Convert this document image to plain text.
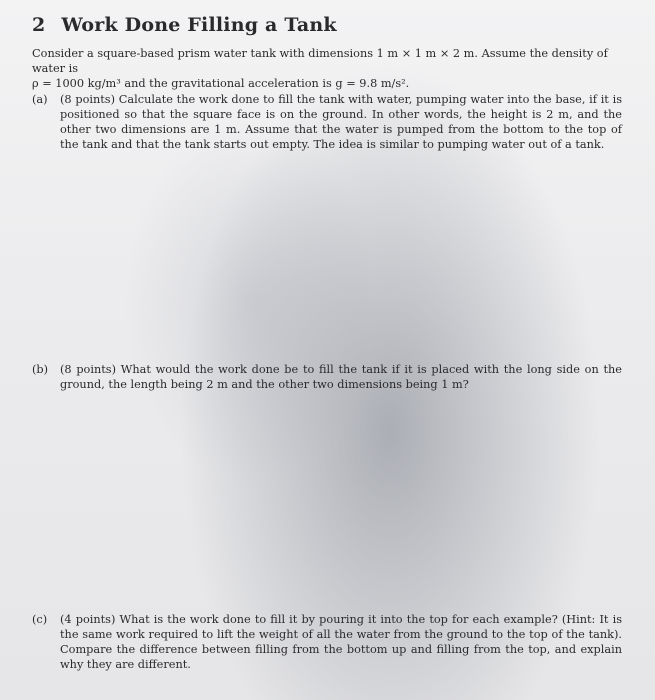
2 Work Done Filling a Tank
Consider a square-based prism water tank with dimensions 1 m × 1 m × 2 m. Assume the density of water is
ρ = 1000 kg/m³ and the gravitational acceleration is g = 9.8 m/s².
(a) (8 points) Calculate the work done to fill the tank with water, pumping water into the base, if it is positioned so that the square face is on the ground. In other words, the height is 2 m, and the other two dimensions are 1 m. Assume that the water is pumped from the bottom to the top of the tank and that the tank starts out empty. The idea is similar to pumping water out of a tank.
(b) (8 points) What would the work done be to fill the tank if it is placed with the long side on the ground, the length being 2 m and the other two dimensions being 1 m?
(c) (4 points) What is the work done to fill it by pouring it into the top for each example? (Hint: It is the same work required to lift the weight of all the water from the ground to the top of the tank). Compare the difference between filling from the bottom up and filling from the top, and explain why they are different.
